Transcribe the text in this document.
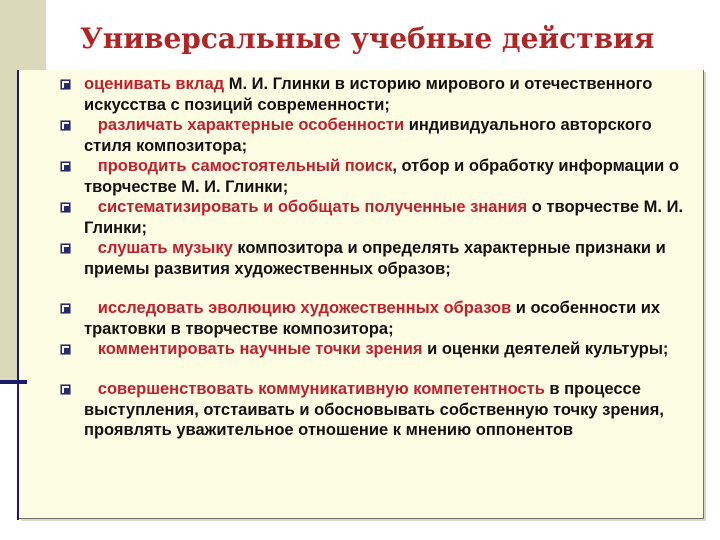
Универсальные учебные действия
оценивать вклад М. И. Глинки в историю мирового и отечественного искусства с позиций современности;
различать характерные особенности индивидуального авторского стиля композитора;
проводить самостоятельный поиск, отбор и обработку информации о творчестве М. И. Глинки;
систематизировать и обобщать полученные знания о творчестве М. И. Глинки;
слушать музыку композитора и определять характерные признаки и приемы развития художественных образов;
исследовать эволюцию художественных образов и особенности их трактовки в творчестве композитора;
комментировать научные точки зрения и оценки деятелей культуры;
совершенствовать коммуникативную компетентность в процессе выступления, отстаивать и обосновывать собственную точку зрения, проявлять уважительное отношение к мнению оппонентов
